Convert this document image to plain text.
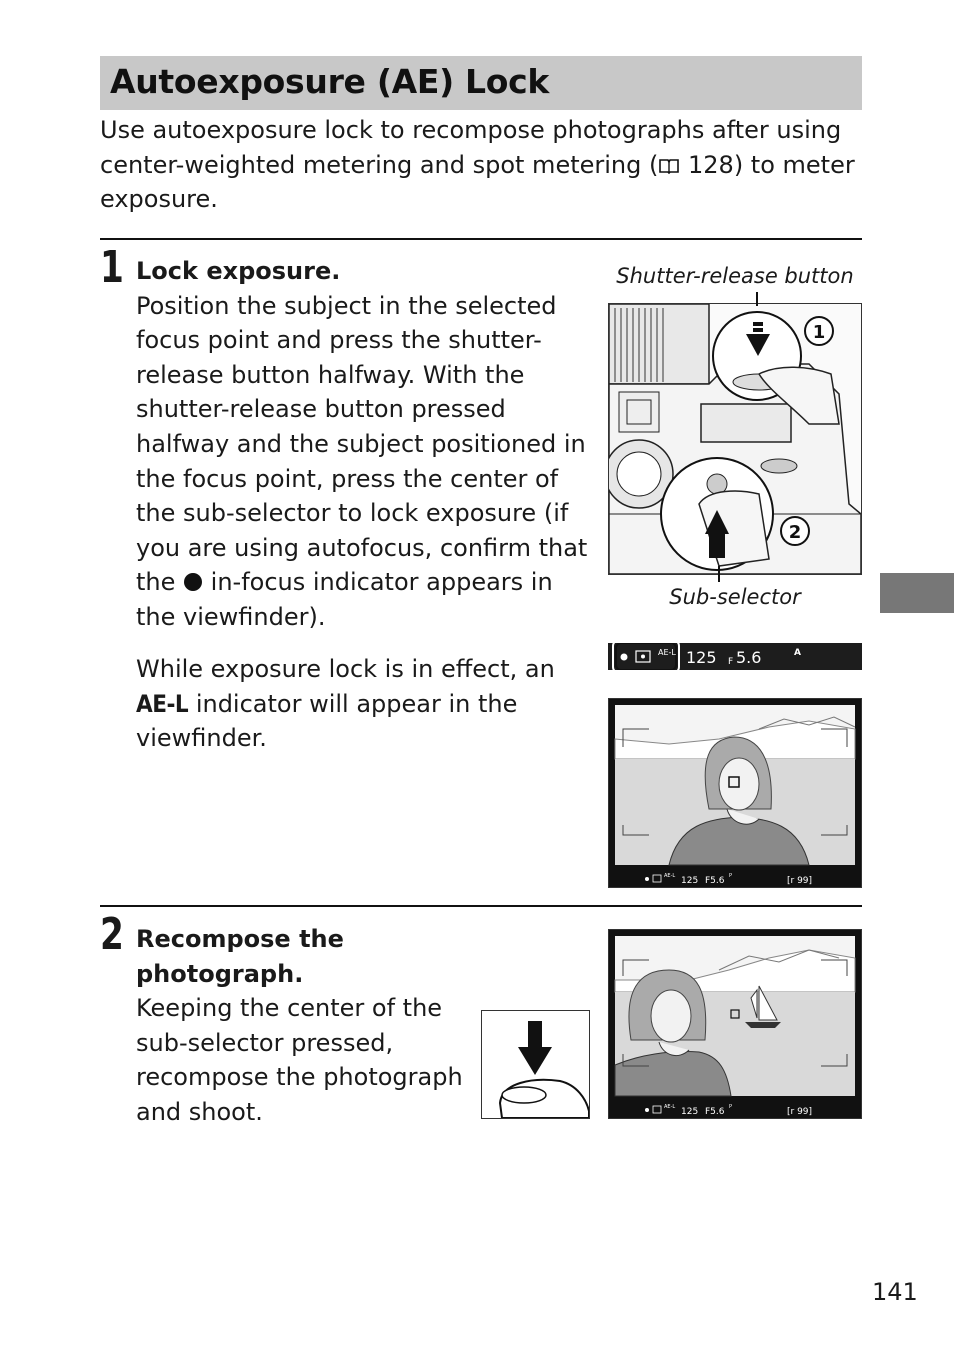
Autoexposure (AE) Lock

Use autoexposure lock to recompose photographs after using center-weighted metering and spot metering ( 128) to meter exposure.

1 Lock exposure.
Position the subject in the selected focus point and press the shutter-release button halfway. With the shutter-release button pressed halfway and the subject positioned in the focus point, press the center of the sub-selector to lock exposure (if you are using autofocus, confirm that the  in-focus indicator appears in the viewfinder).

While exposure lock is in effect, an AE-L indicator will appear in the viewfinder.

Shutter-release button
1
2
Sub-selector
AE-L 125 F 5.6	A
AE-L 125 F5.6 P	[r 99]
2 Recompose the photograph.
Keeping the center of the sub-selector pressed, recompose the photograph and shoot.	AE-L 125 F5.6 P	[r 99]
141
